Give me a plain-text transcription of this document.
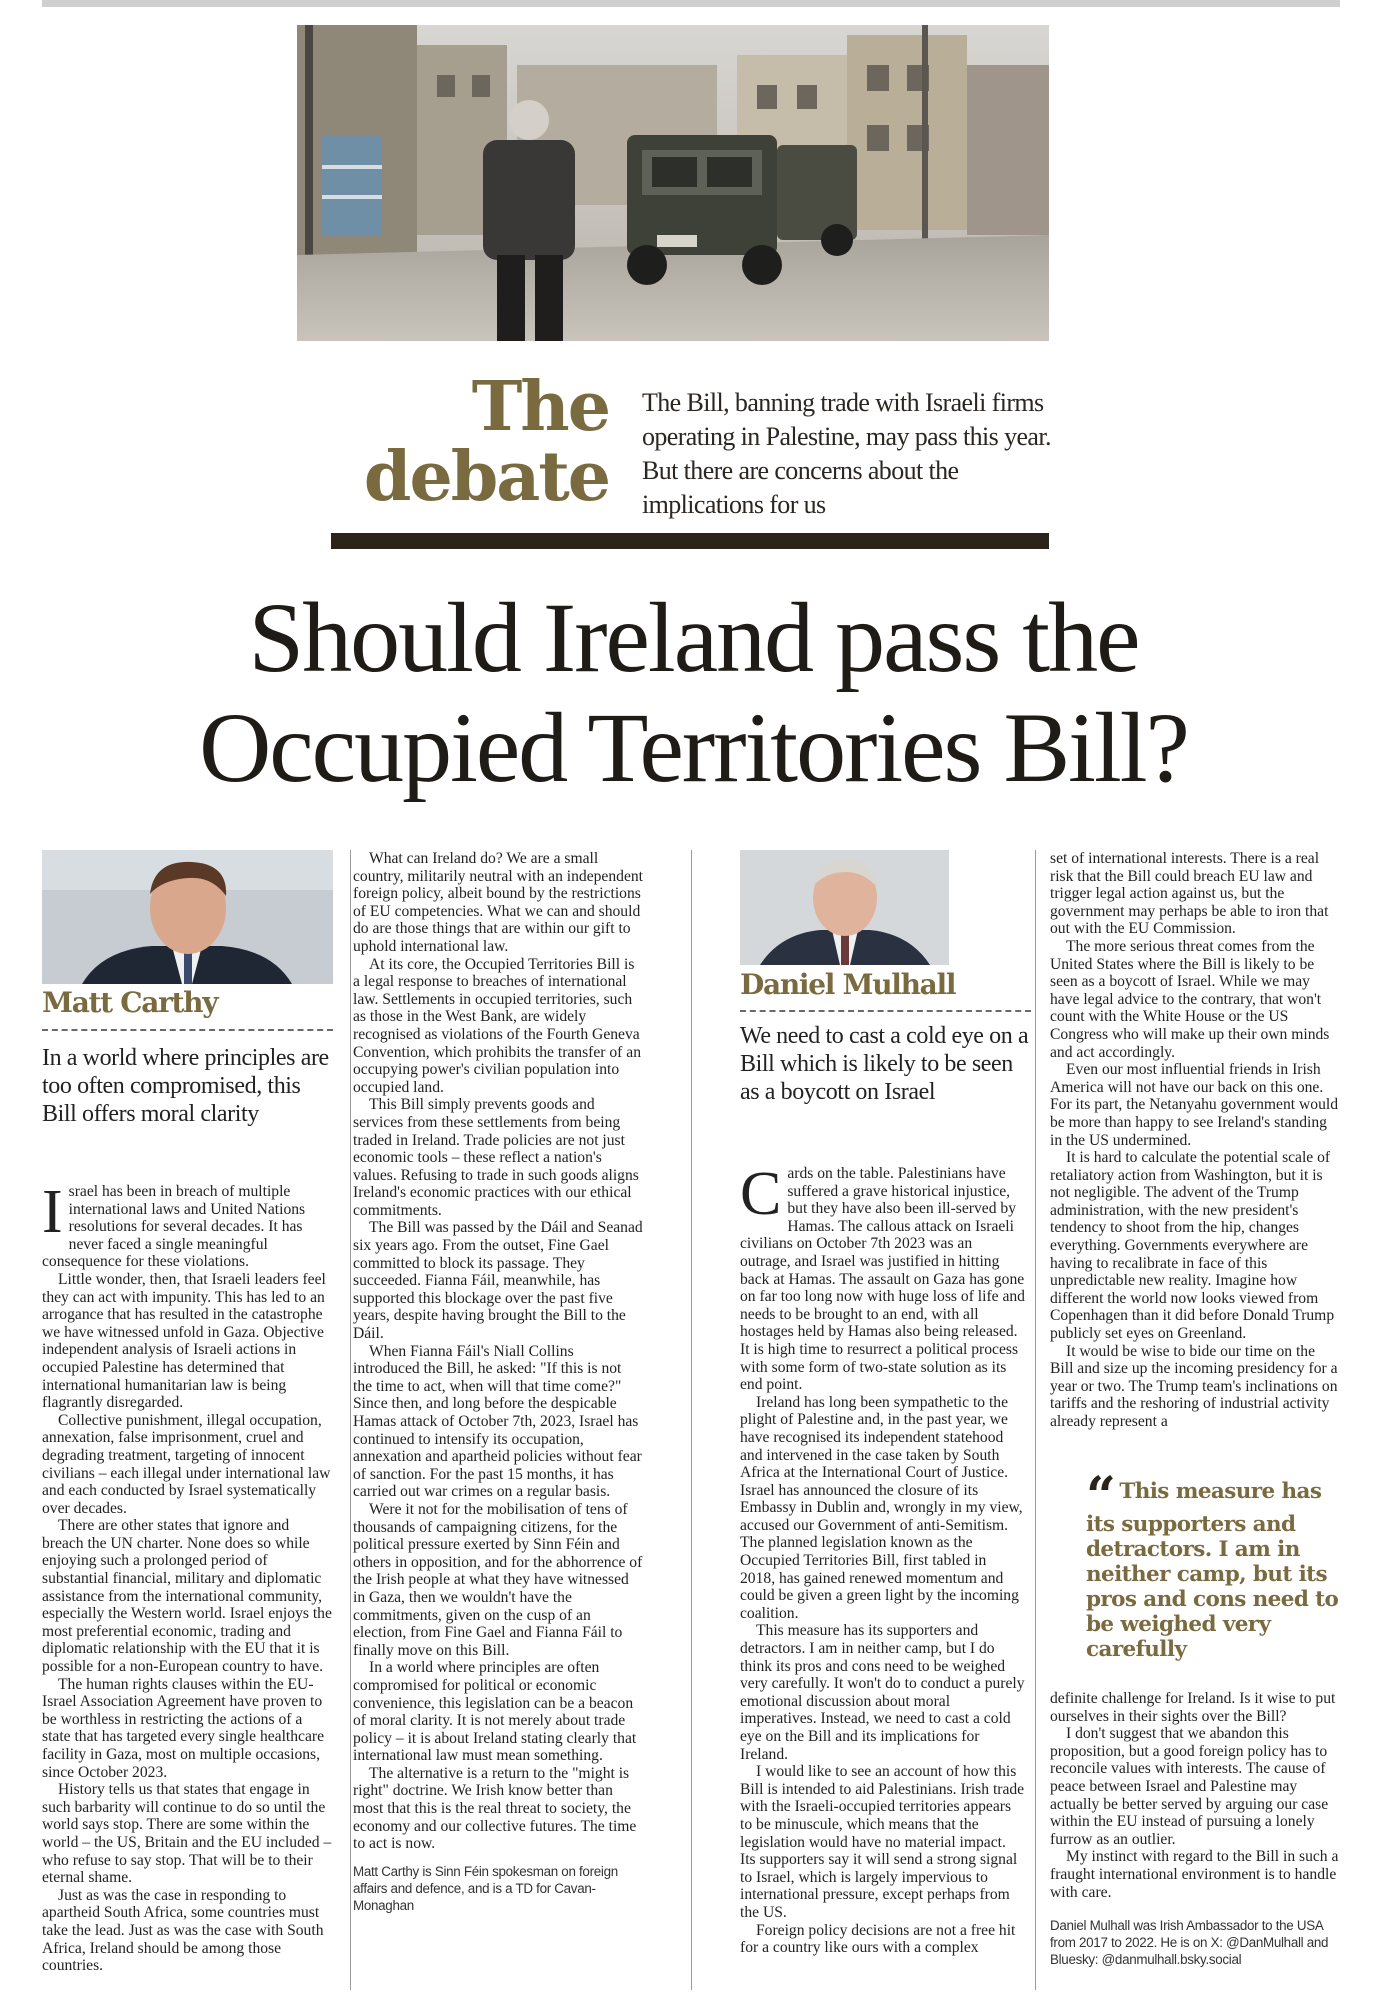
The
debate
The Bill, banning trade with Israeli firms operating in Palestine, may pass this year. But there are concerns about the implications for us
Should Ireland pass the
Occupied Territories Bill?
Matt Carthy
In a world where principles are too often compromised, this Bill offers moral clarity

Israel has been in breach of multiple international laws and United Nations resolutions for several decades. It has never faced a single meaningful consequence for these violations.

Little wonder, then, that Israeli leaders feel they can act with impunity. This has led to an arrogance that has resulted in the catastrophe we have witnessed unfold in Gaza. Objective independent analysis of Israeli actions in occupied Palestine has determined that international humanitarian law is being flagrantly disregarded.

Collective punishment, illegal occupation, annexation, false imprisonment, cruel and degrading treatment, targeting of innocent civilians – each illegal under international law and each conducted by Israel systematically over decades.

There are other states that ignore and breach the UN charter. None does so while enjoying such a prolonged period of substantial financial, military and diplomatic assistance from the international community, especially the Western world. Israel enjoys the most preferential economic, trading and diplomatic relationship with the EU that it is possible for a non-European country to have.

The human rights clauses within the EU-Israel Association Agreement have proven to be worthless in restricting the actions of a state that has targeted every single healthcare facility in Gaza, most on multiple occasions, since October 2023.

History tells us that states that engage in such barbarity will continue to do so until the world says stop. There are some within the world – the US, Britain and the EU included – who refuse to say stop. That will be to their eternal shame.

Just as was the case in responding to apartheid South Africa, some countries must take the lead. Just as was the case with South Africa, Ireland should be among those countries.

What can Ireland do? We are a small country, militarily neutral with an independent foreign policy, albeit bound by the restrictions of EU competencies. What we can and should do are those things that are within our gift to uphold international law.

At its core, the Occupied Territories Bill is a legal response to breaches of international law. Settlements in occupied territories, such as those in the West Bank, are widely recognised as violations of the Fourth Geneva Convention, which prohibits the transfer of an occupying power's civilian population into occupied land.

This Bill simply prevents goods and services from these settlements from being traded in Ireland. Trade policies are not just economic tools – these reflect a nation's values. Refusing to trade in such goods aligns Ireland's economic practices with our ethical commitments.

The Bill was passed by the Dáil and Seanad six years ago. From the outset, Fine Gael committed to block its passage. They succeeded. Fianna Fáil, meanwhile, has supported this blockage over the past five years, despite having brought the Bill to the Dáil.

When Fianna Fáil's Niall Collins introduced the Bill, he asked: "If this is not the time to act, when will that time come?" Since then, and long before the despicable Hamas attack of October 7th, 2023, Israel has continued to intensify its occupation, annexation and apartheid policies without fear of sanction. For the past 15 months, it has carried out war crimes on a regular basis.

Were it not for the mobilisation of tens of thousands of campaigning citizens, for the political pressure exerted by Sinn Féin and others in opposition, and for the abhorrence of the Irish people at what they have witnessed in Gaza, then we wouldn't have the commitments, given on the cusp of an election, from Fine Gael and Fianna Fáil to finally move on this Bill.

In a world where principles are often compromised for political or economic convenience, this legislation can be a beacon of moral clarity. It is not merely about trade policy – it is about Ireland stating clearly that international law must mean something.

The alternative is a return to the "might is right" doctrine. We Irish know better than most that this is the real threat to society, the economy and our collective futures. The time to act is now.

Matt Carthy is Sinn Féin spokesman on foreign affairs and defence, and is a TD for Cavan-Monaghan
Daniel Mulhall
We need to cast a cold eye on a Bill which is likely to be seen as a boycott on Israel

Cards on the table. Palestinians have suffered a grave historical injustice, but they have also been ill-served by Hamas. The callous attack on Israeli civilians on October 7th 2023 was an outrage, and Israel was justified in hitting back at Hamas. The assault on Gaza has gone on far too long now with huge loss of life and needs to be brought to an end, with all hostages held by Hamas also being released. It is high time to resurrect a political process with some form of two-state solution as its end point.

Ireland has long been sympathetic to the plight of Palestine and, in the past year, we have recognised its independent statehood and intervened in the case taken by South Africa at the International Court of Justice. Israel has announced the closure of its Embassy in Dublin and, wrongly in my view, accused our Government of anti-Semitism. The planned legislation known as the Occupied Territories Bill, first tabled in 2018, has gained renewed momentum and could be given a green light by the incoming coalition.

This measure has its supporters and detractors. I am in neither camp, but I do think its pros and cons need to be weighed very carefully. It won't do to conduct a purely emotional discussion about moral imperatives. Instead, we need to cast a cold eye on the Bill and its implications for Ireland.

I would like to see an account of how this Bill is intended to aid Palestinians. Irish trade with the Israeli-occupied territories appears to be minuscule, which means that the legislation would have no material impact. Its supporters say it will send a strong signal to Israel, which is largely impervious to international pressure, except perhaps from the US.

Foreign policy decisions are not a free hit for a country like ours with a complex

set of international interests. There is a real risk that the Bill could breach EU law and trigger legal action against us, but the government may perhaps be able to iron that out with the EU Commission.

The more serious threat comes from the United States where the Bill is likely to be seen as a boycott of Israel. While we may have legal advice to the contrary, that won't count with the White House or the US Congress who will make up their own minds and act accordingly.

Even our most influential friends in Irish America will not have our back on this one. For its part, the Netanyahu government would be more than happy to see Ireland's standing in the US undermined.

It is hard to calculate the potential scale of retaliatory action from Washington, but it is not negligible. The advent of the Trump administration, with the new president's tendency to shoot from the hip, changes everything. Governments everywhere are having to recalibrate in face of this unpredictable new reality. Imagine how different the world now looks viewed from Copenhagen than it did before Donald Trump publicly set eyes on Greenland.

It would be wise to bide our time on the Bill and size up the incoming presidency for a year or two. The Trump team's inclinations on tariffs and the reshoring of industrial activity already represent a

“ This measure has its supporters and detractors. I am in neither camp, but its pros and cons need to be weighed very carefully

definite challenge for Ireland. Is it wise to put ourselves in their sights over the Bill?

I don't suggest that we abandon this proposition, but a good foreign policy has to reconcile values with interests. The cause of peace between Israel and Palestine may actually be better served by arguing our case within the EU instead of pursuing a lonely furrow as an outlier.

My instinct with regard to the Bill in such a fraught international environment is to handle with care.

Daniel Mulhall was Irish Ambassador to the USA from 2017 to 2022. He is on X: @DanMulhall and Bluesky: @danmulhall.bsky.social
